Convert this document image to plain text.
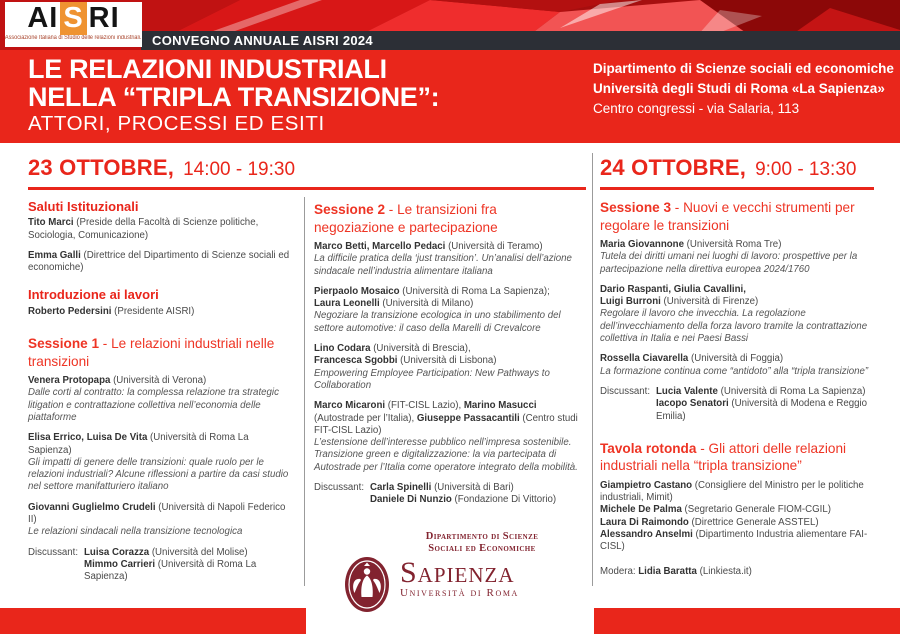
AI S RI
Associazione Italiana di Studio delle relazioni industriali. CONVEGNO ANNUALE AISRI 2024
LE RELAZIONI INDUSTRIALI
NELLA “TRIPLA TRANSIZIONE”:
ATTORI, PROCESSI ED ESITI
Dipartimento di Scienze sociali ed economiche
Università degli Studi di Roma «La Sapienza»
Centro congressi - via Salaria, 113
23 OTTOBRE, 14:00 - 19:30	24 OTTOBRE, 9:00 - 13:30
Saluti Istituzionali

Tito Marci (Preside della Facoltà di Scienze politiche, Sociologia, Comunicazione)

Emma Galli (Direttrice del Dipartimento di Scienze sociali ed economiche)

Introduzione ai lavori

Roberto Pedersini (Presidente AISRI)

Sessione 1 - Le relazioni industriali nelle transizioni

Venera Protopapa (Università di Verona)
Dalle corti al contratto: la complessa relazione tra strategic litigation e contrattazione collettiva nell’economia delle piattaforme

Elisa Errico, Luisa De Vita (Università di Roma La Sapienza)
Gli impatti di genere delle transizioni: quale ruolo per le relazioni industriali? Alcune riflessioni a partire da casi studio nel settore manifatturiero italiano

Giovanni Guglielmo Crudeli (Università di Napoli Federico II)
Le relazioni sindacali nella transizione tecnologica

Discussant: Luisa Corazza (Università del Molise)
Mimmo Carrieri (Università di Roma La Sapienza)
Sessione 2 - Le transizioni fra negoziazione e partecipazione

Marco Betti, Marcello Pedaci (Università di Teramo)
La difficile pratica della ‘just transition’. Un’analisi dell’azione sindacale nell’industria alimentare italiana

Pierpaolo Mosaico (Università di Roma La Sapienza);
Laura Leonelli (Università di Milano)
Negoziare la transizione ecologica in uno stabilimento del settore automotive: il caso della Marelli di Crevalcore

Lino Codara (Università di Brescia),
Francesca Sgobbi (Università di Lisbona)
Empowering Employee Participation: New Pathways to Collaboration

Marco Micaroni (FIT-CISL Lazio), Marino Masucci (Autostrade per l’Italia), Giuseppe Passacantili (Centro studi FIT-CISL Lazio)
L’estensione dell’interesse pubblico nell’impresa sostenibile. Transizione green e digitalizzazione: la via partecipata di Autostrade per l’Italia come operatore integrato della mobilità.

Discussant: Carla Spinelli (Università di Bari)
Daniele Di Nunzio (Fondazione Di Vittorio)
Sessione 3 - Nuovi e vecchi strumenti per regolare le transizioni

Maria Giovannone (Università Roma Tre)
Tutela dei diritti umani nei luoghi di lavoro: prospettive per la partecipazione nella direttiva europea 2024/1760

Dario Raspanti, Giulia Cavallini,
Luigi Burroni (Università di Firenze)
Regolare il lavoro che invecchia. La regolazione dell’invecchiamento della forza lavoro tramite la contrattazione collettiva in Italia e nei Paesi Bassi

Rossella Ciavarella (Università di Foggia)
La formazione continua come “antidoto” alla “tripla transizione”

Discussant: Lucia Valente (Università di Roma La Sapienza)
Iacopo Senatori (Università di Modena e Reggio Emilia)
Tavola rotonda - Gli attori delle relazioni industriali nella “tripla transizione”

Giampietro Castano (Consigliere del Ministro per le politiche industriali, Mimit)

Michele De Palma (Segretario Generale FIOM-CGIL)

Laura Di Raimondo (Direttrice Generale ASSTEL)

Alessandro Anselmi (Dipartimento Industria aliementare FAI-CISL)

Modera: Lidia Baratta (Linkiesta.it)

Dipartimento di Scienze
Sociali ed Economiche
Sapienza
Università di Roma
